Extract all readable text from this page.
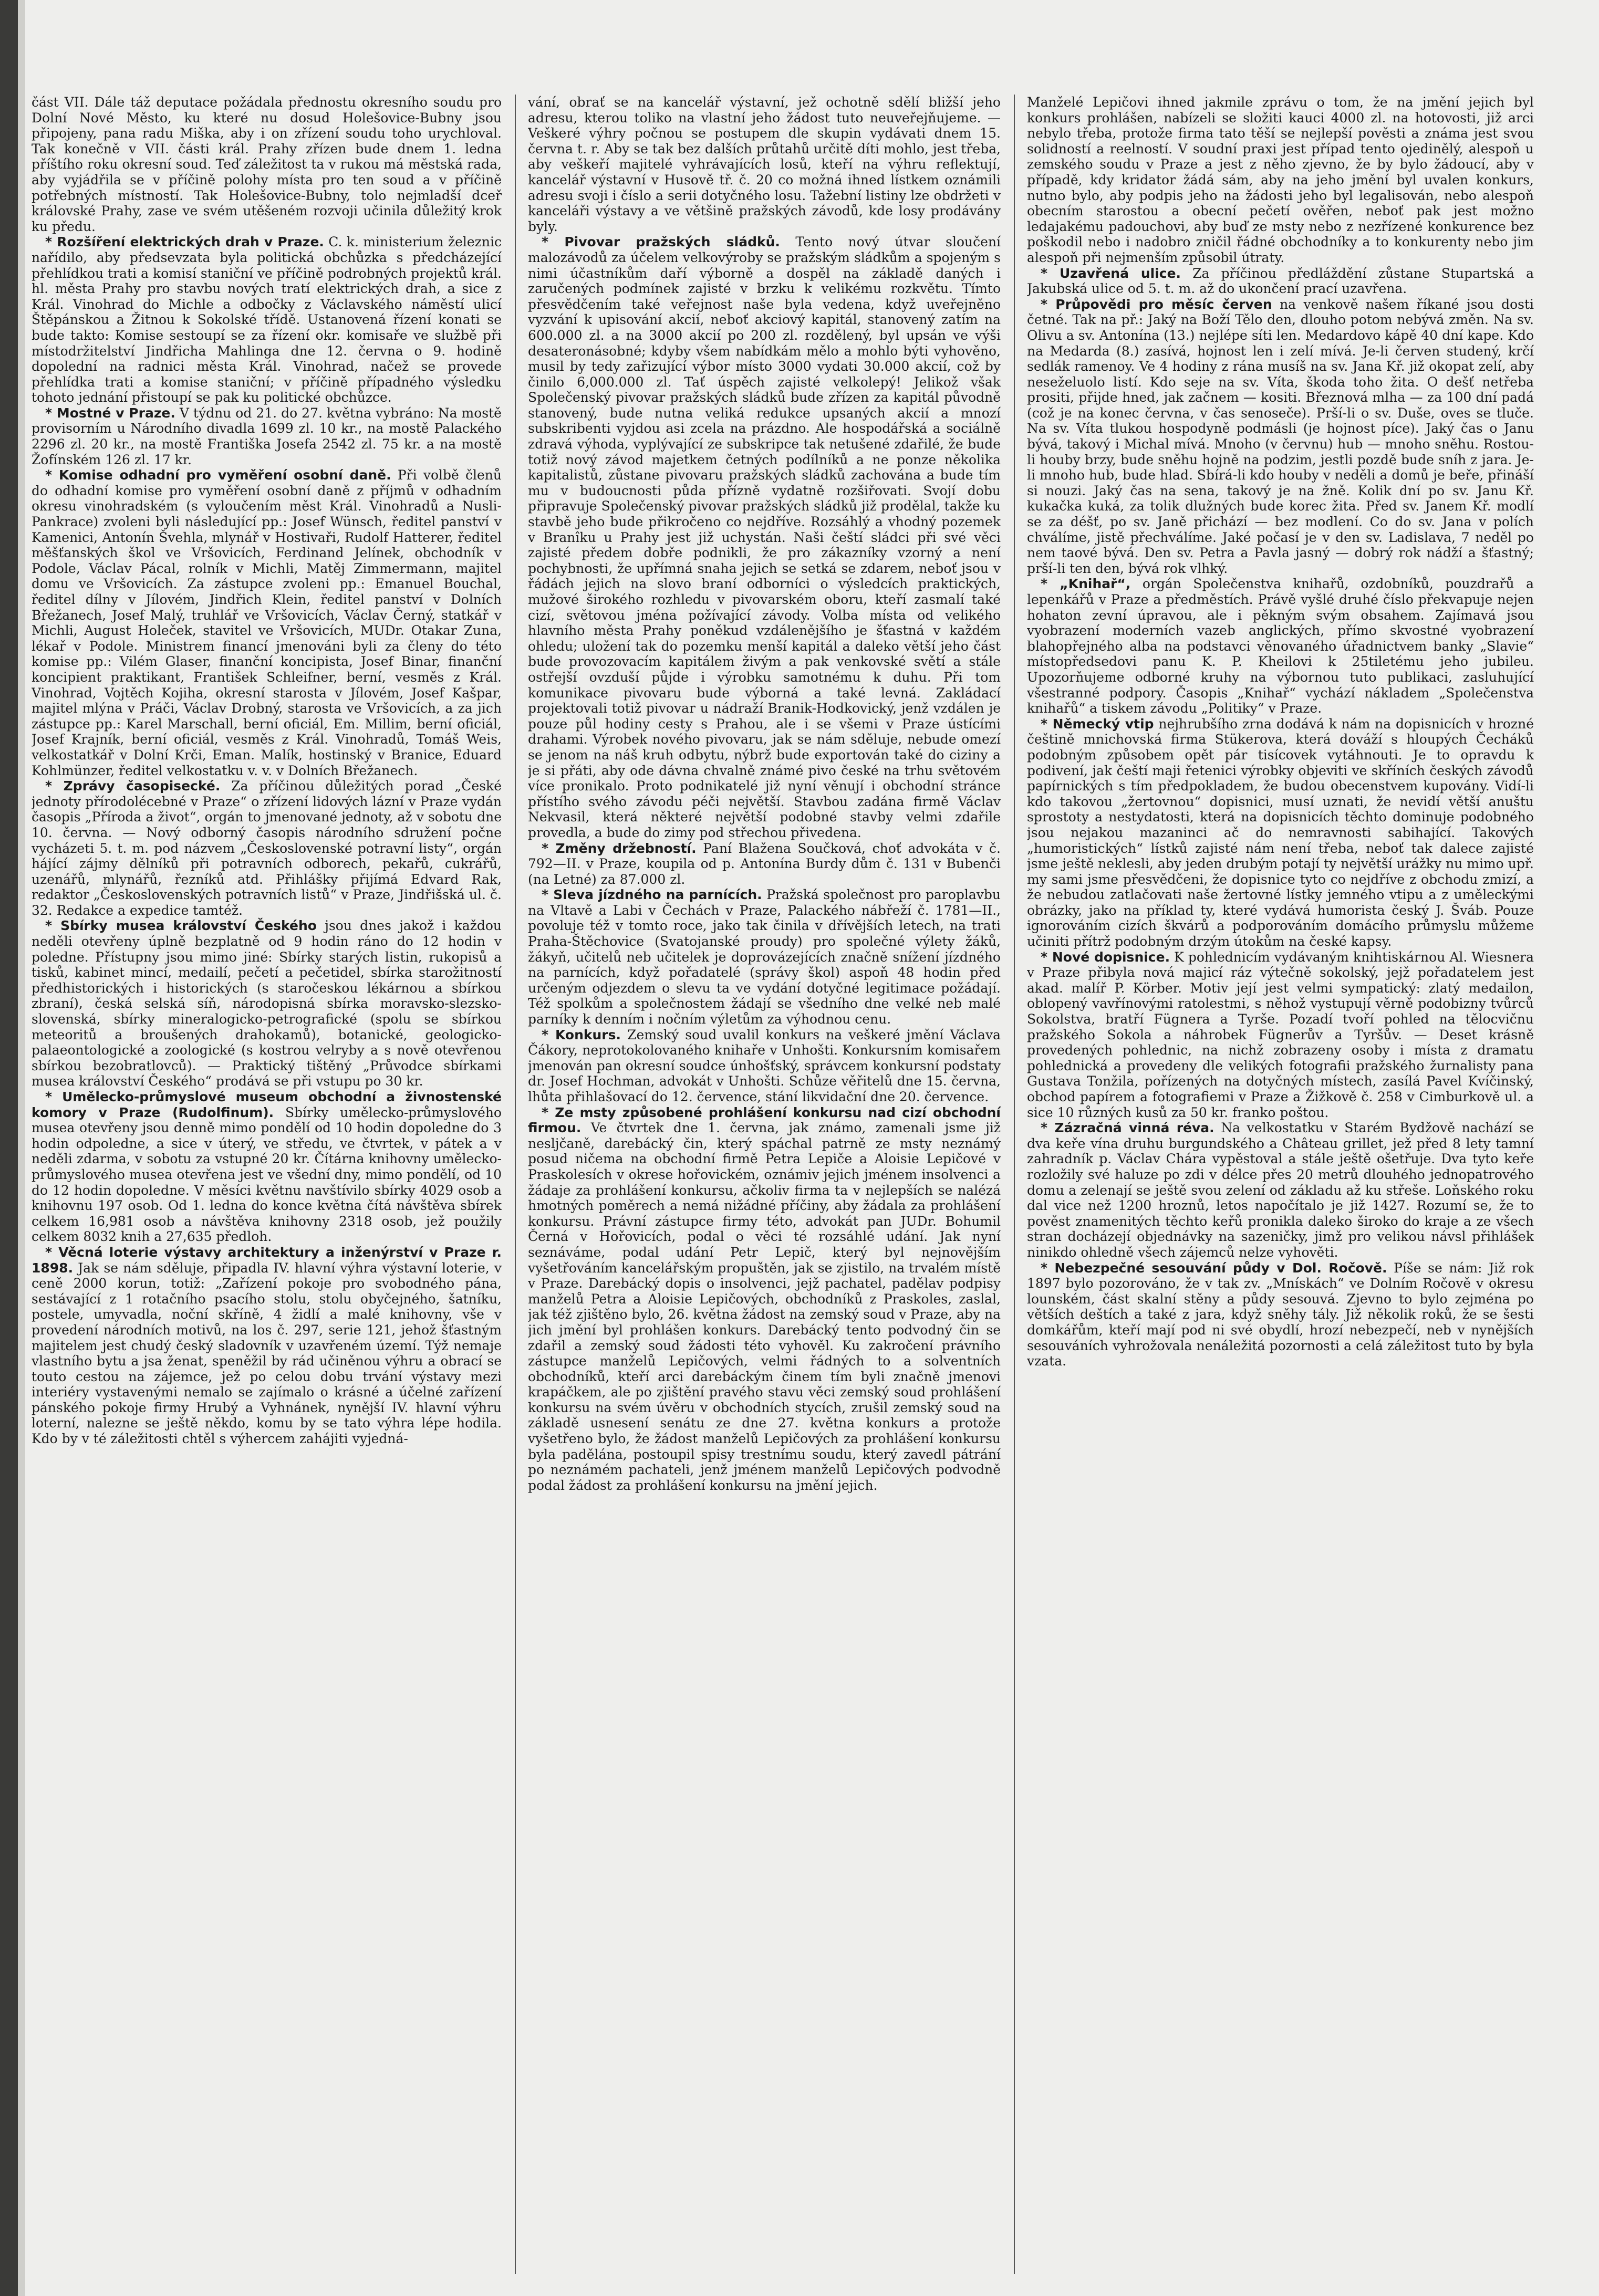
část VII. Dále táž deputace požádala přednostu okresního soudu pro Dolní Nové Město, ku které nu dosud Holešovice-Bubny jsou připojeny, pana radu Miška, aby i on zřízení soudu toho urychloval. Tak konečně v VII. části král. Prahy zřízen bude dnem 1. ledna příštího roku okresní soud. Teď záležitost ta v rukou má městská rada, aby vyjádřila se v příčině polohy místa pro ten soud a v příčině potřebných místností. Tak Holešovice-Bubny, tolo nejmladší dceř královské Prahy, zase ve svém utěšeném rozvoji učinila důležitý krok ku předu.

* Rozšíření elektrických drah v Praze. C. k. ministerium železnic nařídilo, aby předsevzata byla politická obchůzka s předcházející přehlídkou trati a komisí staniční ve příčině podrobných projektů král. hl. města Prahy pro stavbu nových tratí elektrických drah, a sice z Král. Vinohrad do Michle a odbočky z Václavského náměstí ulicí Štěpánskou a Žitnou k Sokolské třídě. Ustanovená řízení konati se bude takto: Komise sestoupí se za řízení okr. komisaře ve službě při místodržitelství Jindřicha Mahlinga dne 12. června o 9. hodině dopolední na radnici města Král. Vinohrad, načež se provede přehlídka trati a komise staniční; v příčině případného výsledku tohoto jednání přistoupí se pak ku politické obchůzce.

* Mostné v Praze. V týdnu od 21. do 27. května vybráno: Na mostě provisorním u Národního divadla 1699 zl. 10 kr., na mostě Palackého 2296 zl. 20 kr., na mostě Františka Josefa 2542 zl. 75 kr. a na mostě Žofínském 126 zl. 17 kr.

* Komise odhadní pro vyměření osobní daně. Při volbě členů do odhadní komise pro vyměření osobní daně z příjmů v odhadním okresu vinohradském (s vyloučením měst Král. Vinohradů a Nusli-Pankrace) zvoleni byli následující pp.: Josef Wünsch, ředitel panství v Kamenici, Antonín Švehla, mlynář v Hostivaři, Rudolf Hatterer, ředitel měšťanských škol ve Vršovicích, Ferdinand Jelínek, obchodník v Podole, Václav Pácal, rolník v Michli, Matěj Zimmermann, majitel domu ve Vršovicích. Za zástupce zvoleni pp.: Emanuel Bouchal, ředitel dílny v Jílovém, Jindřich Klein, ředitel panství v Dolních Břežanech, Josef Malý, truhlář ve Vršovicích, Václav Černý, statkář v Michli, August Holeček, stavitel ve Vršovicích, MUDr. Otakar Zuna, lékař v Podole. Ministrem financí jmenováni byli za členy do této komise pp.: Vilém Glaser, finanční koncipista, Josef Binar, finanční koncipient praktikant, František Schleifner, berní, vesměs z Král. Vinohrad, Vojtěch Kojiha, okresní starosta v Jílovém, Josef Kašpar, majitel mlýna v Práči, Václav Drobný, starosta ve Vršovicích, a za jich zástupce pp.: Karel Marschall, berní oficiál, Em. Millim, berní oficiál, Josef Krajník, berní oficiál, vesměs z Král. Vinohradů, Tomáš Weis, velkostatkář v Dolní Krči, Eman. Malík, hostinský v Branice, Eduard Kohlmünzer, ředitel velkostatku v. v. v Dolních Břežanech.

* Zprávy časopisecké. Za příčinou důležitých porad „České jednoty přírodolécebné v Praze“ o zřízení lidových lázní v Praze vydán časopis „Příroda a život“, orgán to jmenované jednoty, až v sobotu dne 10. června. — Nový odborný časopis národního sdružení počne vycházeti 5. t. m. pod názvem „Československé potravní listy“, orgán hájící zájmy dělníků při potravních odborech, pekařů, cukrářů, uzenářů, mlynářů, řezníků atd. Přihlášky přijímá Edvard Rak, redaktor „Československých potravních listů“ v Praze, Jindřišská ul. č. 32. Redakce a expedice tamtéž.

* Sbírky musea království Českého jsou dnes jakož i každou neděli otevřeny úplně bezplatně od 9 hodin ráno do 12 hodin v poledne. Přístupny jsou mimo jiné: Sbírky starých listin, rukopisů a tisků, kabinet mincí, medailí, pečetí a pečetidel, sbírka starožitností předhistorických i historických (s staročeskou lékárnou a sbírkou zbraní), česká selská síň, národopisná sbírka moravsko-slezsko-slovenská, sbírky mineralogicko-petrografické (spolu se sbírkou meteoritů a broušených drahokamů), botanické, geologicko-palaeontologické a zoologické (s kostrou velryby a s nově otevřenou sbírkou bezobratlovců). — Praktický tištěný „Průvodce sbírkami musea království Českého“ prodává se při vstupu po 30 kr.

* Umělecko-průmyslové museum obchodní a živnostenské komory v Praze (Rudolfinum). Sbírky umělecko-průmyslového musea otevřeny jsou denně mimo pondělí od 10 hodin dopoledne do 3 hodin odpoledne, a sice v úterý, ve středu, ve čtvrtek, v pátek a v neděli zdarma, v sobotu za vstupné 20 kr. Čítárna knihovny umělecko-průmyslového musea otevřena jest ve všední dny, mimo pondělí, od 10 do 12 hodin dopoledne. V měsíci květnu navštívilo sbírky 4029 osob a knihovnu 197 osob. Od 1. ledna do konce května čítá návštěva sbírek celkem 16,981 osob a návštěva knihovny 2318 osob, jež použily celkem 8032 knih a 27,635 předloh.

* Věcná loterie výstavy architektury a inženýrství v Praze r. 1898. Jak se nám sděluje, připadla IV. hlavní výhra výstavní loterie, v ceně 2000 korun, totiž: „Zařízení pokoje pro svobodného pána, sestávající z 1 rotačního psacího stolu, stolu obyčejného, šatníku, postele, umyvadla, noční skříně, 4 židlí a malé knihovny, vše v provedení národních motivů, na los č. 297, serie 121, jehož šťastným majitelem jest chudý český sladovník v uzavřeném území. Týž nemaje vlastního bytu a jsa ženat, speněžil by rád učiněnou výhru a obrací se touto cestou na zájemce, jež po celou dobu trvání výstavy mezi interiéry vystavenými nemalo se zajímalo o krásné a účelné zařízení pánského pokoje firmy Hrubý a Vyhnánek, nynější IV. hlavní výhru loterní, nalezne se ještě někdo, komu by se tato výhra lépe hodila. Kdo by v té záležitosti chtěl s výhercem zahájiti vyjedná-

vání, obrať se na kancelář výstavní, jež ochotně sdělí bližší jeho adresu, kterou toliko na vlastní jeho žádost tuto neuveřejňujeme. — Veškeré výhry počnou se postupem dle skupin vydávati dnem 15. června t. r. Aby se tak bez dalších průtahů určitě díti mohlo, jest třeba, aby veškeří majitelé vyhrávajících losů, kteří na výhru reflektují, kancelář výstavní v Husově tř. č. 20 co možná ihned lístkem oznámili adresu svoji i číslo a serii dotyčného losu. Tažební listiny lze obdržeti v kanceláři výstavy a ve většině pražských závodů, kde losy prodávány byly.

* Pivovar pražských sládků. Tento nový útvar sloučení malozávodů za účelem velkovýroby se pražským sládkům a spojeným s nimi účastníkům daří výborně a dospěl na základě daných i zaručených podmínek zajisté v brzku k velikému rozkvětu. Tímto přesvědčením také veřejnost naše byla vedena, když uveřejněno vyzvání k upisování akcií, neboť akciový kapitál, stanovený zatím na 600.000 zl. a na 3000 akcií po 200 zl. rozdělený, byl upsán ve výši desateronásobné; kdyby všem nabídkám mělo a mohlo býti vyhověno, musil by tedy zařizující výbor místo 3000 vydati 30.000 akcií, což by činilo 6,000.000 zl. Tať úspěch zajisté velkolepý! Jelikož však Společenský pivovar pražských sládků bude zřízen za kapitál původně stanovený, bude nutna veliká redukce upsaných akcií a mnozí subskribenti vyjdou asi zcela na prázdno. Ale hospodářská a sociálně zdravá výhoda, vyplývající ze subskripce tak netušené zdařilé, že bude totiž nový závod majetkem četných podílníků a ne ponze několika kapitalistů, zůstane pivovaru pražských sládků zachována a bude tím mu v budoucnosti půda přízně vydatně rozšiřovati. Svojí dobu připravuje Společenský pivovar pražských sládků již prodělal, takže ku stavbě jeho bude přikročeno co nejdříve. Rozsáhlý a vhodný pozemek v Branîku u Prahy jest již uchystán. Naši čeští sládci při své věci zajisté předem dobře podnikli, že pro zákazníky vzorný a není pochybnosti, že upřímná snaha jejich se setká se zdarem, neboť jsou v řádách jejich na slovo braní odborníci o výsledcích praktických, mužové širokého rozhledu v pivovarském oboru, kteří zasmalí také cizí, světovou jména požívající závody. Volba místa od velikého hlavního města Prahy poněkud vzdálenějšího je šťastná v každém ohledu; uložení tak do pozemku menší kapitál a daleko větší jeho část bude provozovacím kapitálem živým a pak venkovské světí a stále ostřejší ovzduší půjde i výrobku samotnému k duhu. Při tom komunikace pivovaru bude výborná a také levná. Zakládací projektovali totiž pivovar u nádraží Branik-Hodkovický, jenž vzdálen je pouze půl hodiny cesty s Prahou, ale i se všemi v Praze ústícími drahami. Výrobek nového pivovaru, jak se nám sděluje, nebude omezí se jenom na náš kruh odbytu, nýbrž bude exportován také do ciziny a je si přáti, aby ode dávna chvalně známé pivo české na trhu světovém více pronikalo. Proto podnikatelé již nyní věnují i obchodní stránce přístího svého závodu péči největší. Stavbou zadána firmě Václav Nekvasil, která některé největší podobné stavby velmi zdařile provedla, a bude do zimy pod střechou přivedena.

* Změny držebností. Paní Blažena Součková, choť advokáta v č. 792—II. v Praze, koupila od p. Antonína Burdy dům č. 131 v Bubenči (na Letné) za 87.000 zl.

* Sleva jízdného na parnících. Pražská společnost pro paroplavbu na Vltavě a Labi v Čechách v Praze, Palackého nábřeží č. 1781—II., povoluje též v tomto roce, jako tak činila v dřívějších letech, na trati Praha-Štěchovice (Svatojanské proudy) pro společné výlety žáků, žákyň, učitelů neb učitelek je doprovázejících značně snížení jízdného na parnících, když pořadatelé (správy škol) aspoň 48 hodin před určeným odjezdem o slevu ta ve vydání dotyčné legitimace požádají. Též spolkům a společnostem žádají se všedního dne velké neb malé parníky k denním i nočním výletům za výhodnou cenu.

* Konkurs. Zemský soud uvalil konkurs na veškeré jmění Václava Čákory, neprotokolovaného knihaře v Unhošti. Konkursním komisařem jmenován pan okresní soudce únhošťský, správcem konkursní podstaty dr. Josef Hochman, advokát v Unhošti. Schůze věřitelů dne 15. června, lhůta přihlašovací do 12. července, stání likvidační dne 20. července.

* Ze msty způsobené prohlášení konkursu nad cizí obchodní firmou. Ve čtvrtek dne 1. června, jak známo, zamenali jsme již nesljčaně, darebácký čin, který spáchal patrně ze msty neznámý posud ničema na obchodní firmě Petra Lepiče a Aloisie Lepičové v Praskolesích v okrese hořovickém, oznámiv jejich jménem insolvenci a žádaje za prohlášení konkursu, ačkoliv firma ta v nejlepších se nalézá hmotných poměrech a nemá nižádné příčiny, aby žádala za prohlášení konkursu. Právní zástupce firmy této, advokát pan JUDr. Bohumil Černá v Hořovicích, podal o věci té rozsáhlé udání. Jak nyní seznáváme, podal udání Petr Lepič, který byl nejnovějším vyšetřováním kancelářským propuštěn, jak se zjistilo, na trvalém místě v Praze. Darebácký dopis o insolvenci, jejž pachatel, padělav podpisy manželů Petra a Aloisie Lepičových, obchodníků z Praskoles, zaslal, jak též zjištěno bylo, 26. května žádost na zemský soud v Praze, aby na jich jmění byl prohlášen konkurs. Darebácký tento podvodný čin se zdařil a zemský soud žádosti této vyhověl. Ku zakročení právního zástupce manželů Lepičových, velmi řádných to a solventních obchodníků, kteří arci darebáckým činem tím byli značně jmenovi krapáčkem, ale po zjištění pravého stavu věci zemský soud prohlášení konkursu na svém úvěru v obchodních stycích, zrušil zemský soud na základě usnesení senátu ze dne 27. května konkurs a protože vyšetřeno bylo, že žádost manželů Lepičových za prohlášení konkursu byla padělána, postoupil spisy trestnímu soudu, který zavedl pátrání po neznámém pachateli, jenž jménem manželů Lepičových podvodně podal žádost za prohlášení konkursu na jmění jejich.

Manželé Lepičovi ihned jakmile zprávu o tom, že na jmění jejich byl konkurs prohlášen, nabízeli se složiti kauci 4000 zl. na hotovosti, již arci nebylo třeba, protože firma tato těší se nejlepší pověsti a známa jest svou solidností a reelností. V soudní praxi jest případ tento ojedinělý, alespoň u zemského soudu v Praze a jest z něho zjevno, že by bylo žádoucí, aby v případě, kdy kridator žádá sám, aby na jeho jmění byl uvalen konkurs, nutno bylo, aby podpis jeho na žádosti jeho byl legalisován, nebo alespoň obecním starostou a obecní pečetí ověřen, neboť pak jest možno ledajakému padouchovi, aby buď ze msty nebo z nezřízené konkurence bez poškodil nebo i nadobro zničil řádné obchodníky a to konkurenty nebo jim alespoň při nejmenším způsobil útraty.

* Uzavřená ulice. Za příčinou předláždění zůstane Stupartská a Jakubská ulice od 5. t. m. až do ukončení prací uzavřena.

* Průpovědi pro měsíc červen na venkově našem říkané jsou dosti četné. Tak na př.: Jaký na Boží Tělo den, dlouho potom nebývá změn. Na sv. Olivu a sv. Antonína (13.) nejlépe síti len. Medardovo kápě 40 dní kape. Kdo na Medarda (8.) zasívá, hojnost len i zelí mívá. Je-li červen studený, krčí sedlák ramenoy. Ve 4 hodiny z rána musíš na sv. Jana Kř. již okopat zelí, aby neseželuolo listí. Kdo seje na sv. Víta, škoda toho žita. O dešť netřeba prositi, přijde hned, jak začnem — kositi. Březnová mlha — za 100 dní padá (což je na konec června, v čas senoseče). Prší-li o sv. Duše, oves se tluče. Na sv. Víta tlukou hospodyně podmásli (je hojnost píce). Jaký čas o Janu bývá, takový i Michal mívá. Mnoho (v červnu) hub — mnoho sněhu. Rostou-li houby brzy, bude sněhu hojně na podzim, jestli pozdě bude sníh z jara. Je-li mnoho hub, bude hlad. Sbírá-li kdo houby v neděli a domů je beře, přináší si nouzi. Jaký čas na sena, takový je na žně. Kolik dní po sv. Janu Kř. kukačka kuká, za tolik dlužných bude korec žita. Před sv. Janem Kř. modlí se za déšť, po sv. Janě přichází — bez modlení. Co do sv. Jana v polích chválíme, jistě přechválíme. Jaké počasí je v den sv. Ladislava, 7 neděl po nem taové bývá. Den sv. Petra a Pavla jasný — dobrý rok nádží a šťastný; prší-li ten den, bývá rok vlhký.

* „Knihař“, orgán Společenstva knihařů, ozdobníků, pouzdrařů a lepenkářů v Praze a předměstích. Právě vyšlé druhé číslo překvapuje nejen hohaton zevní úpravou, ale i pěkným svým obsahem. Zajímavá jsou vyobrazení moderních vazeb anglických, přímo skvostné vyobrazení blahopřejného alba na podstavci věnovaného úřadnictvem banky „Slavie“ místopředsedovi panu K. P. Kheilovi k 25tiletému jeho jubileu. Upozorňujeme odborné kruhy na výbornou tuto publikaci, zasluhující všestranné podpory. Časopis „Knihař“ vychází nákladem „Společenstva knihařů“ a tiskem závodu „Politiky“ v Praze.

* Německý vtip nejhrubšího zrna dodává k nám na dopisnicích v hrozné češtině mnichovská firma Stükerova, která dováží s hloupých Čecháků podobným způsobem opět pár tisícovek vytáhnouti. Je to opravdu k podivení, jak čeští maji řetenici výrobky objeviti ve skříních českých závodů papírnických s tím předpokladem, že budou obecenstvem kupovány. Vidí-li kdo takovou „žertovnou“ dopisnici, musí uznati, že nevidí větší anuštu sprostoty a nestydatosti, která na dopisnicích těchto dominuje podobného jsou nejakou mazaninci ač do nemravnosti sabihající. Takových „humoristických“ lístků zajisté nám není třeba, neboť tak dalece zajisté jsme ještě neklesli, aby jeden drubým potají ty největší urážky nu mimo upř. my sami jsme přesvědčeni, že dopisnice tyto co nejdříve z obchodu zmizí, a že nebudou zatlačovati naše žertovné lístky jemného vtipu a z uměleckými obrázky, jako na příklad ty, které vydává humorista český J. Šváb. Pouze ignorováním cizích škvárů a podporováním domácího průmyslu můžeme učiniti přítrž podobným drzým útokům na české kapsy.

* Nové dopisnice. K pohlednicím vydávaným knihtiskárnou Al. Wiesnera v Praze přibyla nová majicí ráz výtečně sokolský, jejž pořadatelem jest akad. malíř P. Körber. Motiv její jest velmi sympatický: zlatý medailon, oblopený vavřínovými ratolestmi, s něhož vystupují věrně podobizny tvůrců Sokolstva, bratří Fügnera a Tyrše. Pozadí tvoří pohled na tělocvičnu pražského Sokola a náhrobek Fügnerův a Tyršův. — Deset krásně provedených pohlednic, na nichž zobrazeny osoby i místa z dramatu pohlednická a provedeny dle velikých fotografii pražského žurnalisty pana Gustava Tonžila, pořízených na dotyčných místech, zasílá Pavel Kvíčinský, obchod papírem a fotografiemi v Praze a Žižkově č. 258 v Cimburkově ul. a sice 10 různých kusů za 50 kr. franko poštou.

* Zázračná vinná réva. Na velkostatku v Starém Bydžově nachází se dva keře vína druhu burgundského a Château grillet, jež před 8 lety tamní zahradník p. Václav Chára vypěstoval a stále ještě ošetřuje. Dva tyto keře rozložily své haluze po zdi v délce přes 20 metrů dlouhého jednopatrového domu a zelenají se ještě svou zelení od základu až ku střeše. Loňského roku dal vice než 1200 hroznů, letos napočítalo je již 1427. Rozumí se, že to pověst znamenitých těchto keřů pronikla daleko široko do kraje a ze všech stran docházejí objednávky na sazeničky, jimž pro velikou návsl přihlášek ninikdo ohledně všech zájemců nelze vyhověti.

* Nebezpečné sesouvání půdy v Dol. Ročově. Píše se nám: Již rok 1897 bylo pozorováno, že v tak zv. „Mnískách“ ve Dolním Ročově v okresu lounském, část skalní stěny a půdy sesouvá. Zjevno to bylo zejména po větších deštích a také z jara, když sněhy tály. Již několik roků, že se šesti domkářům, kteří mají pod ni své obydlí, hrozí nebezpečí, neb v nynějších sesouváních vyhrožovala nenáležitá pozornosti a celá záležitost tuto by byla vzata.
